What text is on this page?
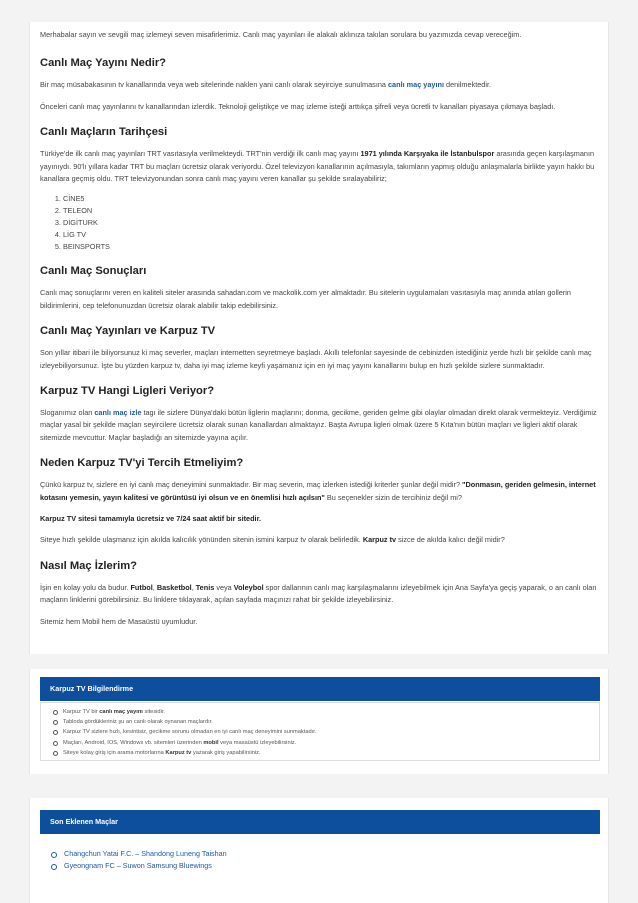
Merhabalar sayın ve sevgili maç izlemeyi seven misafirlerimiz. Canlı maç yayınları ile alakalı aklınıza takılan sorulara bu yazımızda cevap vereceğim.

Canlı Maç Yayını Nedir?

Bir maç müsabakasının tv kanallarında veya web sitelerinde naklen yani canlı olarak seyirciye sunulmasına canlı maç yayını denilmektedir.

Önceleri canlı maç yayınlarını tv kanallarından izlerdik. Teknoloji geliştikçe ve maç izleme isteği arttıkça şifreli veya ücretli tv kanalları piyasaya çıkmaya başladı.

Canlı Maçların Tarihçesi

Türkiye'de ilk canlı maç yayınları TRT vasıtasıyla verilmekteydi. TRT'nin verdiği ilk canlı maç yayını 1971 yılında Karşıyaka ile İstanbulspor arasında geçen karşılaşmanın yayınıydı. 90'lı yıllara kadar TRT bu maçları ücretsiz olarak veriyordu. Özel televizyon kanallarının açılmasıyla, takımların yapmış olduğu anlaşmalarla birlikte yayın hakkı bu kanallara geçmiş oldu. TRT televizyonundan sonra canlı maç yayını veren kanallar şu şekilde sıralayabiliriz;

1. CİNE5
2. TELEON
3. DİGİTURK
4. LİG TV
5. BEINSPORTS
Canlı Maç Sonuçları

Canlı maç sonuçlarını veren en kaliteli siteler arasında sahadan.com ve mackolik.com yer almaktadır. Bu sitelerin uygulamaları vasıtasıyla maç anında atılan gollerin bildirimlerini, cep telefonunuzdan ücretsiz olarak alabilir takip edebilirsiniz.

Canlı Maç Yayınları ve Karpuz TV

Son yıllar itibari ile biliyorsunuz ki maç severler, maçları internetten seyretmeye başladı. Akıllı telefonlar sayesinde de cebinizden istediğiniz yerde hızlı bir şekilde canlı maç izleyebiliyorsunuz. İşte bu yüzden karpuz tv, daha iyi maç izleme keyfi yaşamanız için en iyi maç yayını kanallarını bulup en hızlı şekilde sizlere sunmaktadır.

Karpuz TV Hangi Ligleri Veriyor?

Sloganımız olan canlı maç izle tagı ile sizlere Dünya'daki bütün liglerin maçlarını; donma, gecikme, geriden gelme gibi olaylar olmadan direkt olarak vermekteyiz. Verdiğimiz maçlar yasal bir şekilde maçları seyircilere ücretsiz olarak sunan kanallardan almaktayız. Başta Avrupa ligleri olmak üzere 5 Kıta'nın bütün maçları ve ligleri aktif olarak sitemizde mevcuttur. Maçlar başladığı an sitemizde yayına açılır.

Neden Karpuz TV'yi Tercih Etmeliyim?

Çünkü karpuz tv, sizlere en iyi canlı maç deneyimini sunmaktadır. Bir maç severin, maç izlerken istediği kriterler şunlar değil midir? "Donmasın, geriden gelmesin, internet kotasını yemesin, yayın kalitesi ve görüntüsü iyi olsun ve en önemlisi hızlı açılsın" Bu seçenekler sizin de tercihiniz değil mi?

Karpuz TV sitesi tamamıyla ücretsiz ve 7/24 saat aktif bir sitedir.

Siteye hızlı şekilde ulaşmanız için akılda kalıcılık yönünden sitenin ismini karpuz tv olarak belirledik. Karpuz tv sizce de akılda kalıcı değil midir?

Nasıl Maç İzlerim?

İşin en kolay yolu da budur. Futbol, Basketbol, Tenis veya Voleybol spor dallarının canlı maç karşılaşmalarını izleyebilmek için Ana Sayfa'ya geçiş yaparak, o an canlı olan maçların linklerini görebilirsiniz. Bu linklere tıklayarak, açılan sayfada maçınızı rahat bir şekilde izleyebilirsiniz.

Sitemiz hem Mobil hem de Masaüstü uyumludur.

Karpuz TV Bilgilendirme
Karpuz TV bir canlı maç yayını sitesidir.
Tabloda gördükleriniz şu an canlı olarak oynanan maçlardır.
Karpuz TV sizlere hızlı, kesintisiz, gecikme sorunu olmadan en iyi canlı maç deneyimini sunmaktadır.
Maçları, Android, IOS, Windows vb. sitemleri üzerinden mobil veya masaüstü izleyebilirsiniz.
Siteye kolay giriş için arama motorlarına Karpuz tv yazarak giriş yapabilirsiniz.
Son Eklenen Maçlar
Changchun Yatai F.C. – Shandong Luneng Taishan
Gyeongnam FC – Suwon Samsung Bluewings
